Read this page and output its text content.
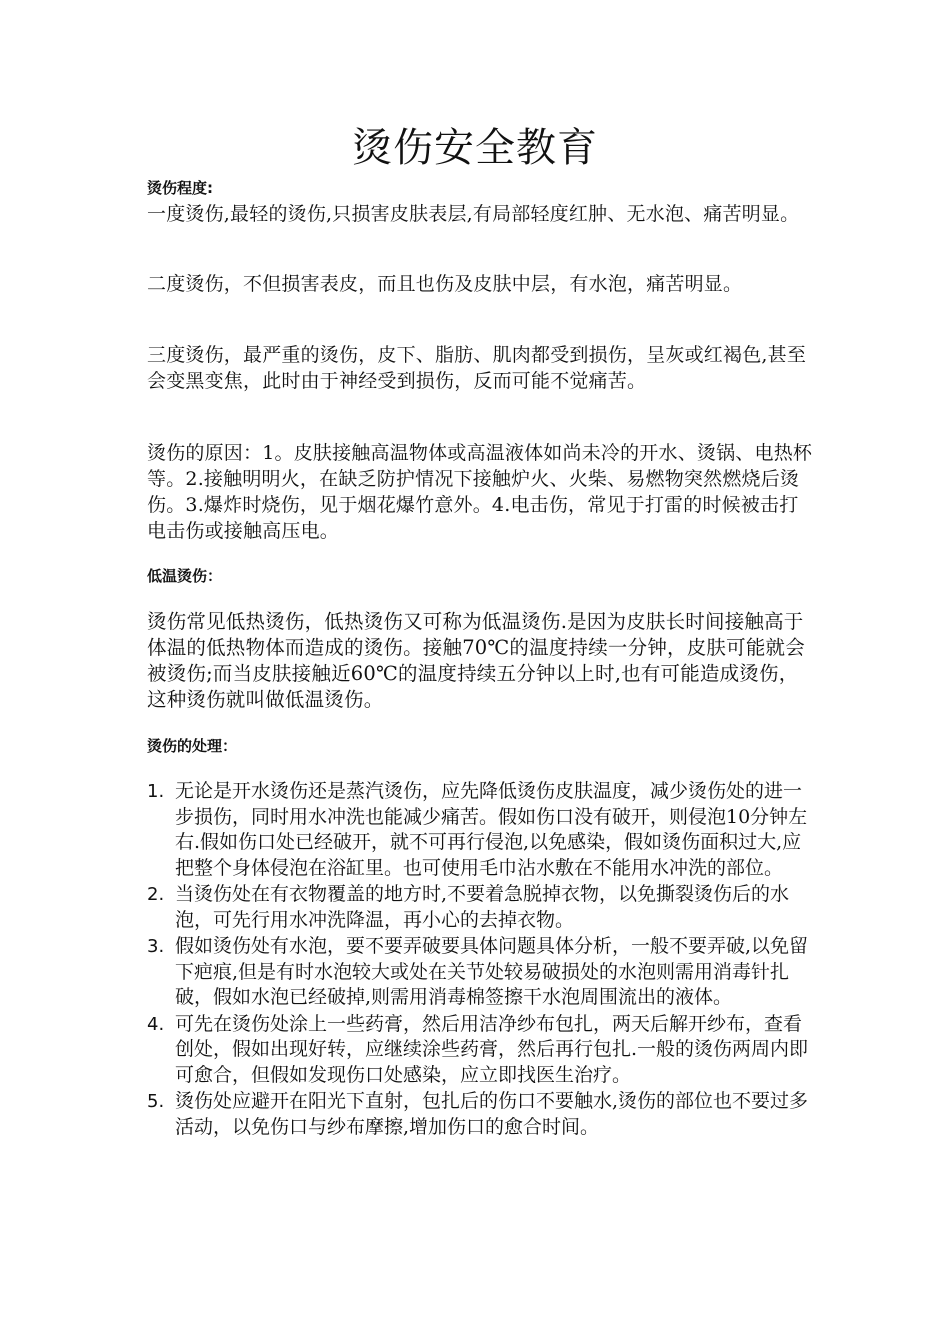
烫伤安全教育
烫伤程度:
一度烫伤,最轻的烫伤,只损害皮肤表层,有局部轻度红肿、无水泡、痛苦明显。
二度烫伤，不但损害表皮，而且也伤及皮肤中层，有水泡，痛苦明显。
三度烫伤，最严重的烫伤，皮下、脂肪、肌肉都受到损伤，呈灰或红褐色,甚至会变黑变焦，此时由于神经受到损伤，反而可能不觉痛苦。
烫伤的原因：1。皮肤接触高温物体或高温液体如尚未冷的开水、烫锅、电热杯等。2.接触明明火，在缺乏防护情况下接触炉火、火柴、易燃物突然燃烧后烫伤。3.爆炸时烧伤，见于烟花爆竹意外。4.电击伤，常见于打雷的时候被击打电击伤或接触高压电。
低温烫伤：
烫伤常见低热烫伤，低热烫伤又可称为低温烫伤.是因为皮肤长时间接触高于体温的低热物体而造成的烫伤。接触70℃的温度持续一分钟，皮肤可能就会被烫伤;而当皮肤接触近60℃的温度持续五分钟以上时,也有可能造成烫伤，这种烫伤就叫做低温烫伤。
烫伤的处理：
1. 无论是开水烫伤还是蒸汽烫伤，应先降低烫伤皮肤温度，减少烫伤处的进一步损伤，同时用水冲洗也能减少痛苦。假如伤口没有破开，则侵泡10分钟左右.假如伤口处已经破开，就不可再行侵泡,以免感染，假如烫伤面积过大,应把整个身体侵泡在浴缸里。也可使用毛巾沾水敷在不能用水冲洗的部位。
2. 当烫伤处在有衣物覆盖的地方时,不要着急脱掉衣物，以免撕裂烫伤后的水泡，可先行用水冲洗降温，再小心的去掉衣物。
3. 假如烫伤处有水泡，要不要弄破要具体问题具体分析，一般不要弄破,以免留下疤痕,但是有时水泡较大或处在关节处较易破损处的水泡则需用消毒针扎破，假如水泡已经破掉,则需用消毒棉签擦干水泡周围流出的液体。
4. 可先在烫伤处涂上一些药膏，然后用洁净纱布包扎，两天后解开纱布，查看创处，假如出现好转，应继续涂些药膏，然后再行包扎.一般的烫伤两周内即可愈合，但假如发现伤口处感染，应立即找医生治疗。
5. 烫伤处应避开在阳光下直射，包扎后的伤口不要触水,烫伤的部位也不要过多活动，以免伤口与纱布摩擦,增加伤口的愈合时间。
